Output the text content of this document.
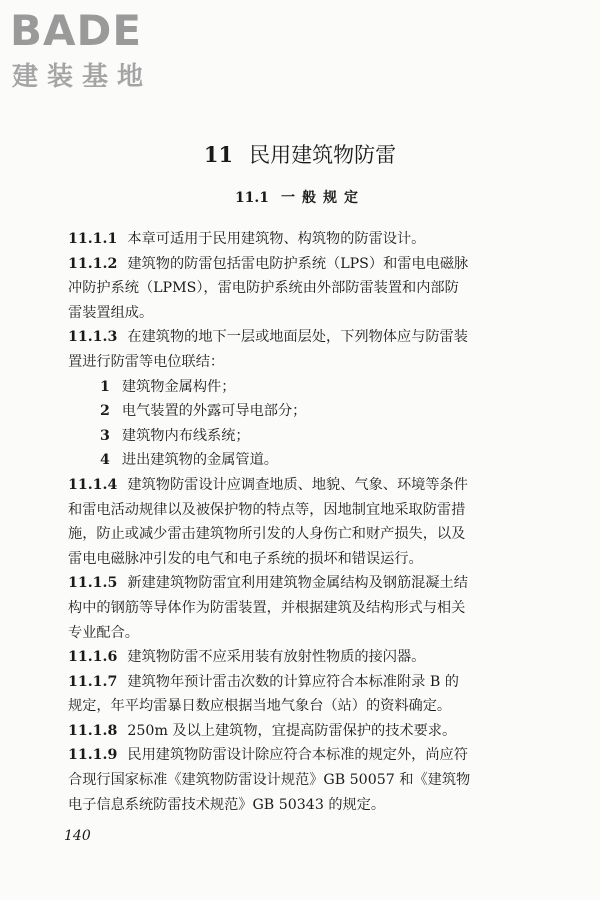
BADE
建装基地
11 民用建筑物防雷
11.1 一般规定
11.1.1 本章可适用于民用建筑物、构筑物的防雷设计。
11.1.2 建筑物的防雷包括雷电防护系统（LPS）和雷电电磁脉
冲防护系统（LPMS），雷电防护系统由外部防雷装置和内部防
雷装置组成。
11.1.3 在建筑物的地下一层或地面层处，下列物体应与防雷装
置进行防雷等电位联结：
1 建筑物金属构件；
2 电气装置的外露可导电部分；
3 建筑物内布线系统；
4 进出建筑物的金属管道。
11.1.4 建筑物防雷设计应调查地质、地貌、气象、环境等条件
和雷电活动规律以及被保护物的特点等，因地制宜地采取防雷措
施，防止或减少雷击建筑物所引发的人身伤亡和财产损失，以及
雷电电磁脉冲引发的电气和电子系统的损坏和错误运行。
11.1.5 新建建筑物防雷宜利用建筑物金属结构及钢筋混凝土结
构中的钢筋等导体作为防雷装置，并根据建筑及结构形式与相关
专业配合。
11.1.6 建筑物防雷不应采用装有放射性物质的接闪器。
11.1.7 建筑物年预计雷击次数的计算应符合本标准附录 B 的
规定，年平均雷暴日数应根据当地气象台（站）的资料确定。
11.1.8 250m 及以上建筑物，宜提高防雷保护的技术要求。
11.1.9 民用建筑物防雷设计除应符合本标准的规定外，尚应符
合现行国家标准《建筑物防雷设计规范》GB 50057 和《建筑物
电子信息系统防雷技术规范》GB 50343 的规定。
140
